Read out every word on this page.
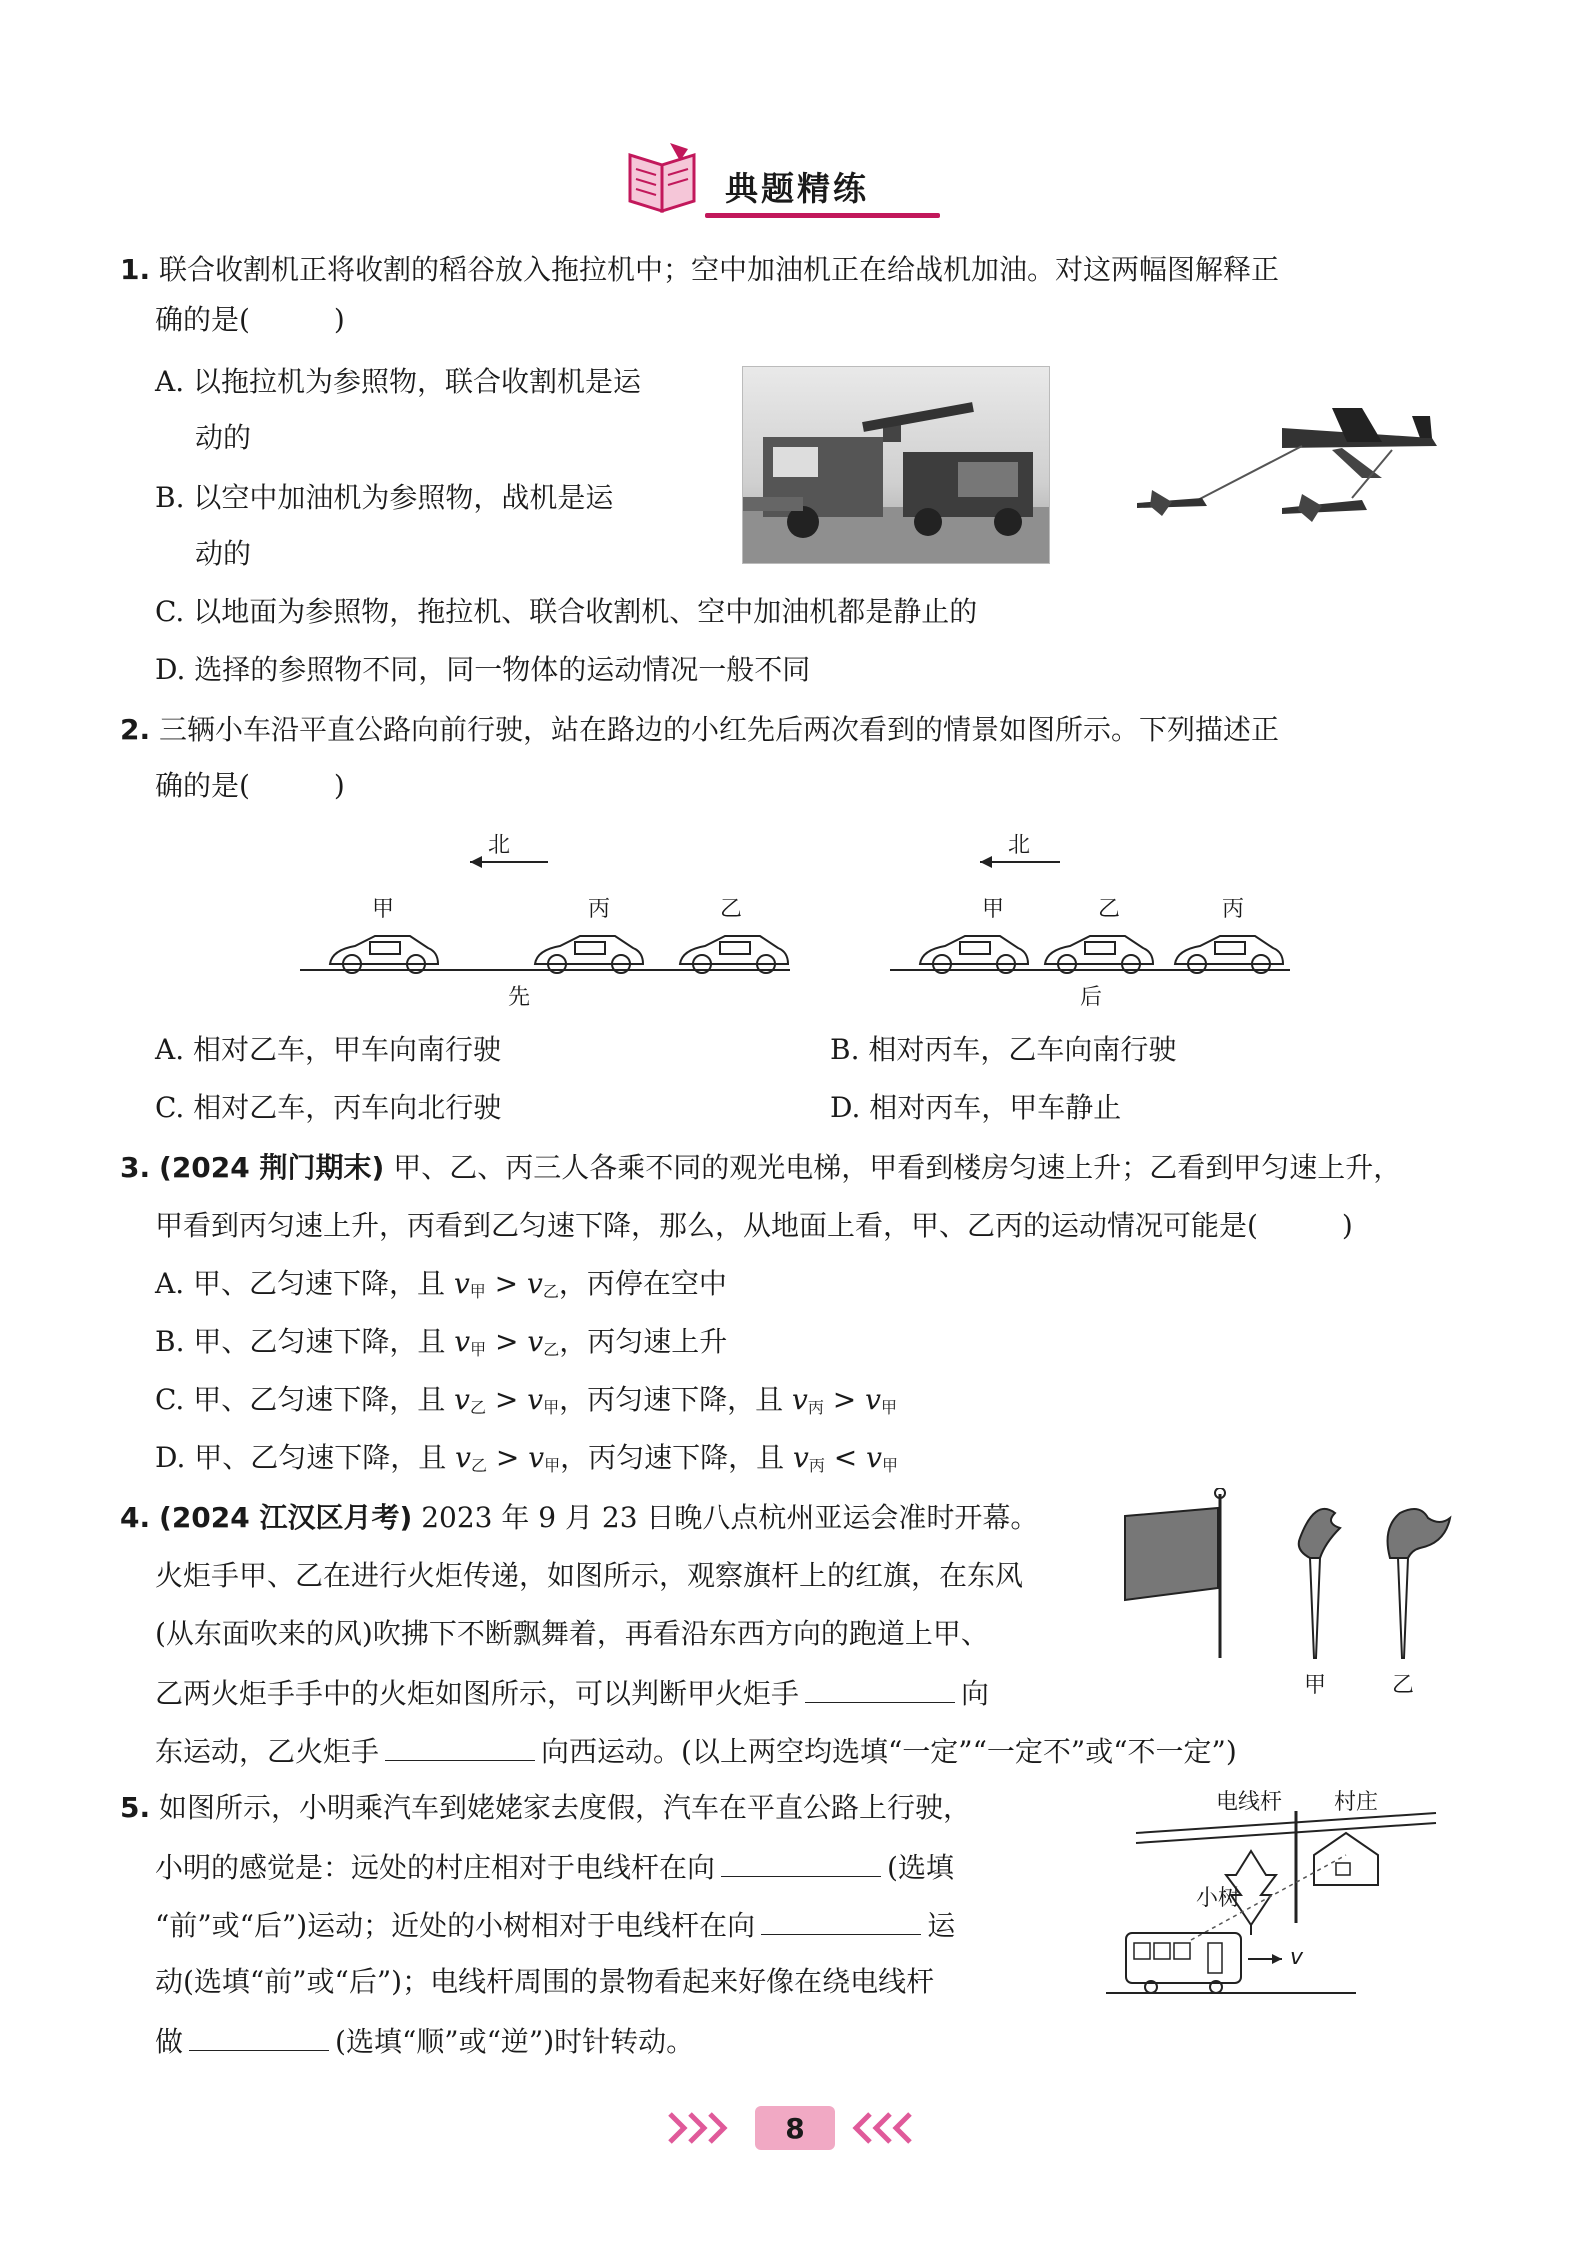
典题精练
1. 联合收割机正将收割的稻谷放入拖拉机中；空中加油机正在给战机加油。对这两幅图解释正
确的是(　　　)
A. 以拖拉机为参照物，联合收割机是运
动的
B. 以空中加油机为参照物，战机是运
动的
C. 以地面为参照物，拖拉机、联合收割机、空中加油机都是静止的
D. 选择的参照物不同，同一物体的运动情况一般不同
2. 三辆小车沿平直公路向前行驶，站在路边的小红先后两次看到的情景如图所示。下列描述正
确的是(　　　)
北	北
甲	丙	乙	甲	乙	丙
先	后
A. 相对乙车，甲车向南行驶	B. 相对丙车，乙车向南行驶
C. 相对乙车，丙车向北行驶	D. 相对丙车，甲车静止
3. (2024 荆门期末) 甲、乙、丙三人各乘不同的观光电梯，甲看到楼房匀速上升；乙看到甲匀速上升，
甲看到丙匀速上升，丙看到乙匀速下降，那么，从地面上看，甲、乙丙的运动情况可能是(　　　)
A. 甲、乙匀速下降，且 $v_甲 > v_乙$，丙停在空中
B. 甲、乙匀速下降，且 $v_甲 > v_乙$，丙匀速上升
C. 甲、乙匀速下降，且 $v_乙 > v_甲$，丙匀速下降，且 $v_丙 > v_甲$
D. 甲、乙匀速下降，且 $v_乙 > v_甲$，丙匀速下降，且 $v_丙 < v_甲$
4. (2024 江汉区月考) 2023 年 9 月 23 日晚八点杭州亚运会准时开幕。
火炬手甲、乙在进行火炬传递，如图所示，观察旗杆上的红旗，在东风
(从东面吹来的风)吹拂下不断飘舞着，再看沿东西方向的跑道上甲、
乙两火炬手手中的火炬如图所示，可以判断甲火炬手	向
东运动，乙火炬手	向西运动。(以上两空均选填“一定”“一定不”或“不一定”)
甲	乙
5. 如图所示，小明乘汽车到姥姥家去度假，汽车在平直公路上行驶，
小明的感觉是：远处的村庄相对于电线杆在向	(选填
“前”或“后”)运动；近处的小树相对于电线杆在向	运
动(选填“前”或“后”)；电线杆周围的景物看起来好像在绕电线杆
做	(选填“顺”或“逆”)时针转动。
电线杆 村庄
小树
v
8
